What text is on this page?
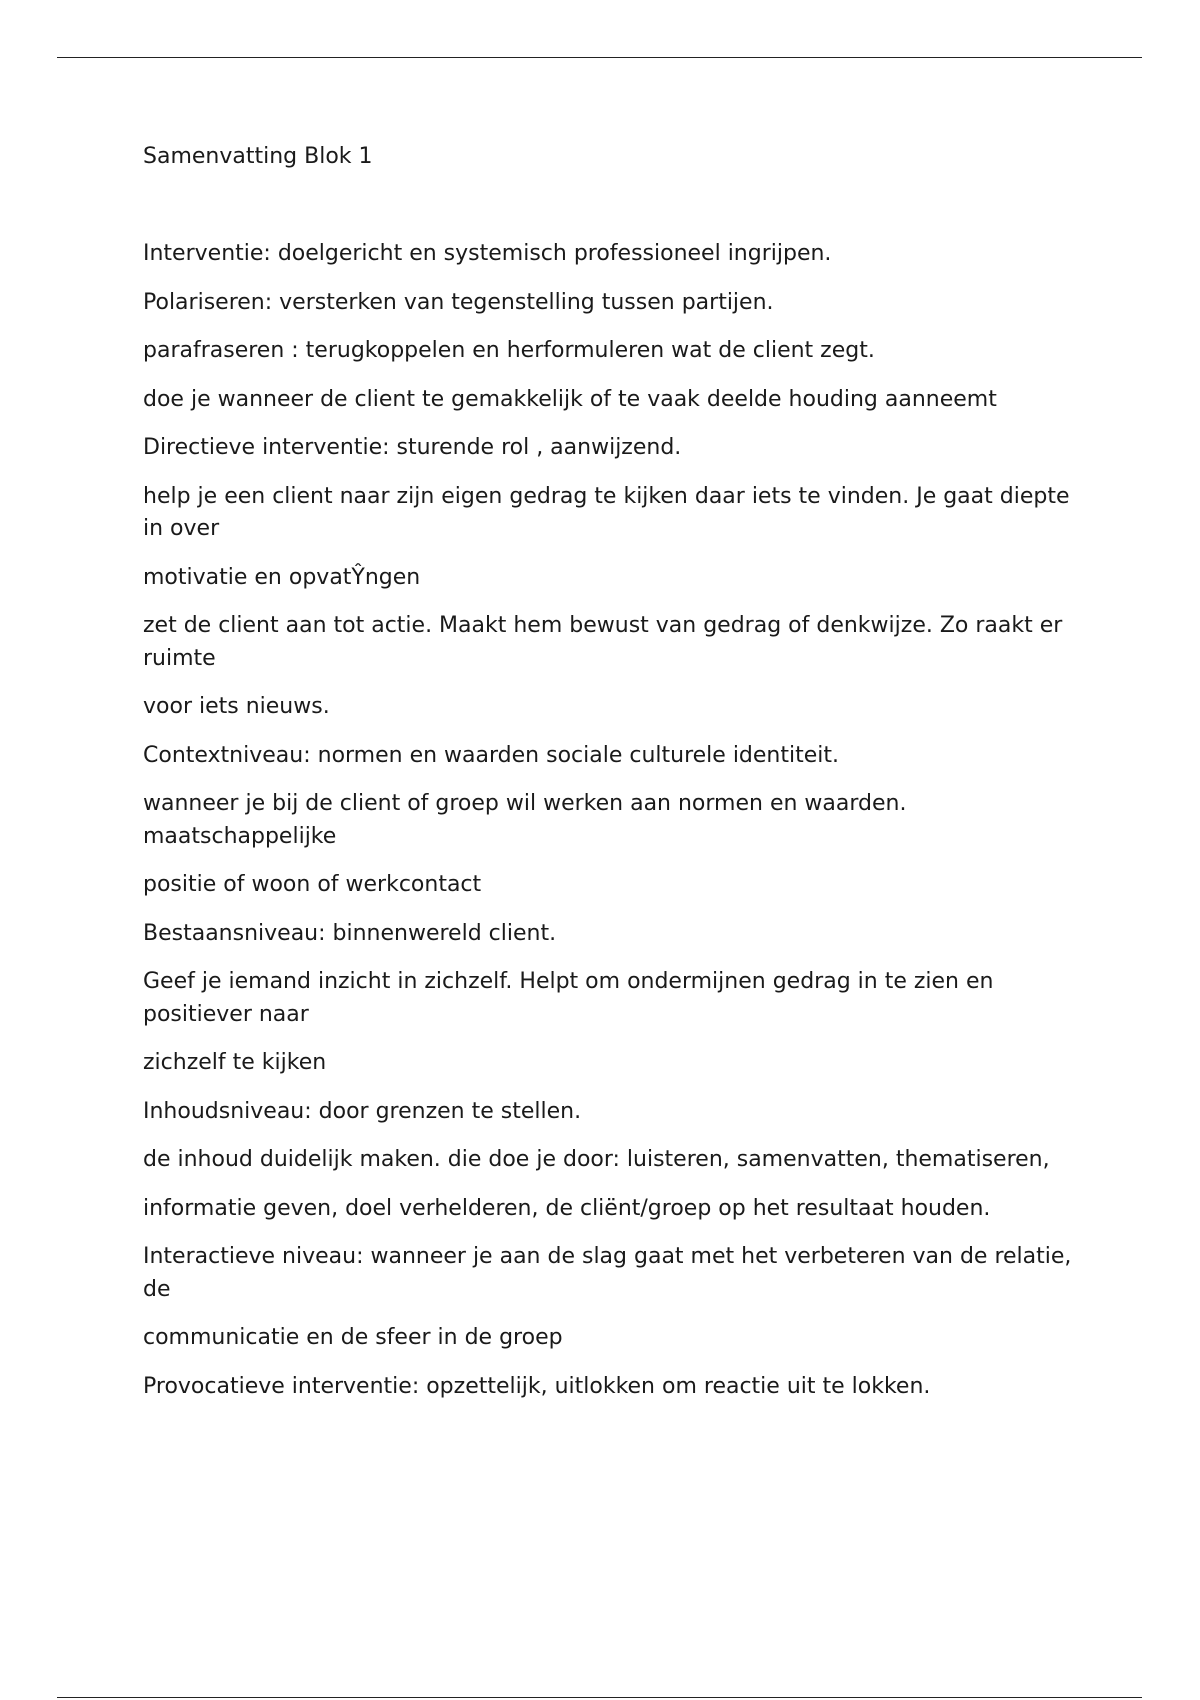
Samenvatting Blok 1

Interventie: doelgericht en systemisch professioneel ingrijpen.

Polariseren: versterken van tegenstelling tussen partijen.

parafraseren : terugkoppelen en herformuleren wat de client zegt.

doe je wanneer de client te gemakkelijk of te vaak deelde houding aanneemt

Directieve interventie: sturende rol , aanwijzend.

help je een client naar zijn eigen gedrag te kijken daar iets te vinden. Je gaat diepte in over

motivatie en opvatŶngen

zet de client aan tot actie. Maakt hem bewust van gedrag of denkwijze. Zo raakt er ruimte

voor iets nieuws.

Contextniveau: normen en waarden sociale culturele identiteit.

wanneer je bij de client of groep wil werken aan normen en waarden. maatschappelijke

positie of woon of werkcontact

Bestaansniveau: binnenwereld client.

Geef je iemand inzicht in zichzelf. Helpt om ondermijnen gedrag in te zien en positiever naar

zichzelf te kijken

Inhoudsniveau: door grenzen te stellen.

de inhoud duidelijk maken. die doe je door: luisteren, samenvatten, thematiseren,

informatie geven, doel verhelderen, de cliënt/groep op het resultaat houden.

Interactieve niveau: wanneer je aan de slag gaat met het verbeteren van de relatie, de

communicatie en de sfeer in de groep

Provocatieve interventie: opzettelijk, uitlokken om reactie uit te lokken.
